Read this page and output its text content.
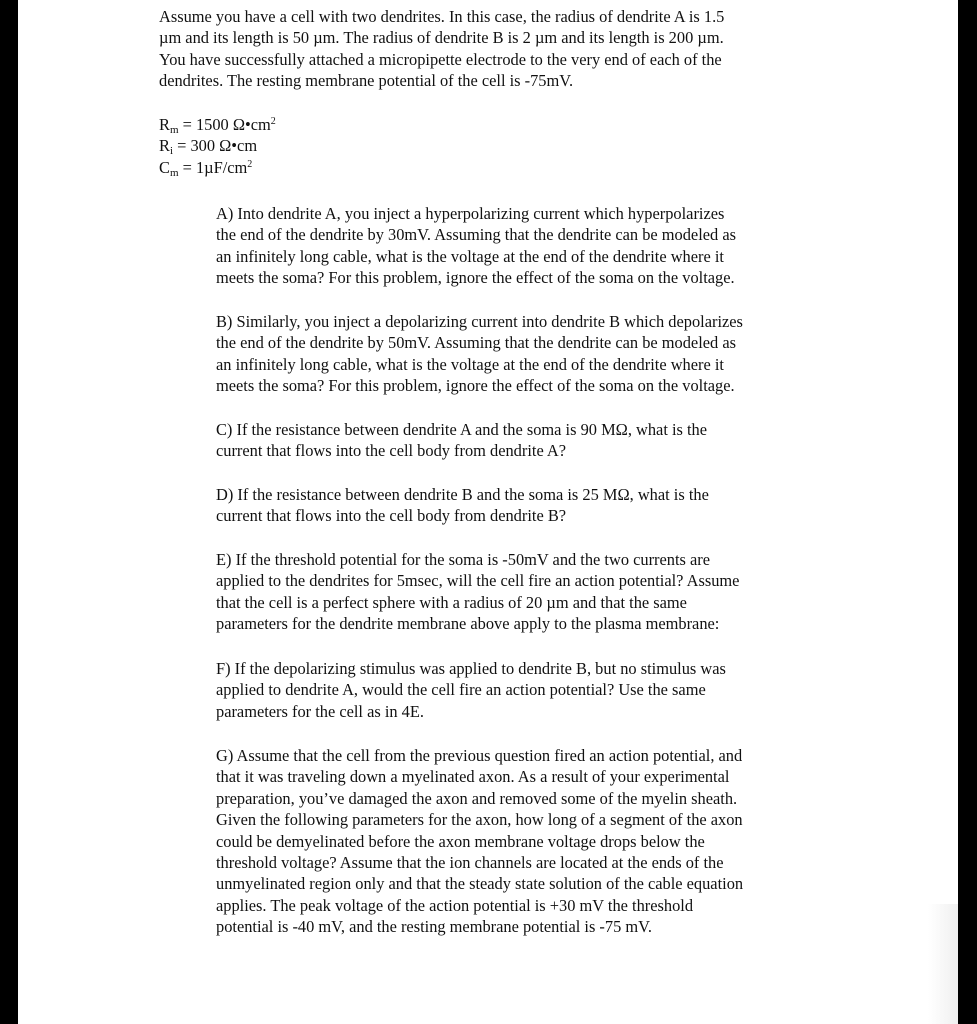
Assume you have a cell with two dendrites. In this case, the radius of dendrite A is 1.5
µm and its length is 50 µm. The radius of dendrite B is 2 µm and its length is 200 µm.
You have successfully attached a micropipette electrode to the very end of each of the
dendrites. The resting membrane potential of the cell is -75mV.
Rm = 1500 $\Omega•cm^2$
Ri = 300 Ω•cm
$Cm = 1\mu F/cm^2$
A) Into dendrite A, you inject a hyperpolarizing current which hyperpolarizes
the end of the dendrite by 30mV. Assuming that the dendrite can be modeled as
an infinitely long cable, what is the voltage at the end of the dendrite where it
meets the soma? For this problem, ignore the effect of the soma on the voltage.
B) Similarly, you inject a depolarizing current into dendrite B which depolarizes
the end of the dendrite by 50mV. Assuming that the dendrite can be modeled as
an infinitely long cable, what is the voltage at the end of the dendrite where it
meets the soma? For this problem, ignore the effect of the soma on the voltage.
C) If the resistance between dendrite A and the soma is 90 MΩ, what is the
current that flows into the cell body from dendrite A?
D) If the resistance between dendrite B and the soma is 25 MΩ, what is the
current that flows into the cell body from dendrite B?
E) If the threshold potential for the soma is -50mV and the two currents are
applied to the dendrites for 5msec, will the cell fire an action potential? Assume
that the cell is a perfect sphere with a radius of 20 µm and that the same
parameters for the dendrite membrane above apply to the plasma membrane:
F) If the depolarizing stimulus was applied to dendrite B, but no stimulus was
applied to dendrite A, would the cell fire an action potential? Use the same
parameters for the cell as in 4E.
G) Assume that the cell from the previous question fired an action potential, and
that it was traveling down a myelinated axon. As a result of your experimental
preparation, you’ve damaged the axon and removed some of the myelin sheath.
Given the following parameters for the axon, how long of a segment of the axon
could be demyelinated before the axon membrane voltage drops below the
threshold voltage? Assume that the ion channels are located at the ends of the
unmyelinated region only and that the steady state solution of the cable equation
applies. The peak voltage of the action potential is +30 mV the threshold
potential is -40 mV, and the resting membrane potential is -75 mV.
